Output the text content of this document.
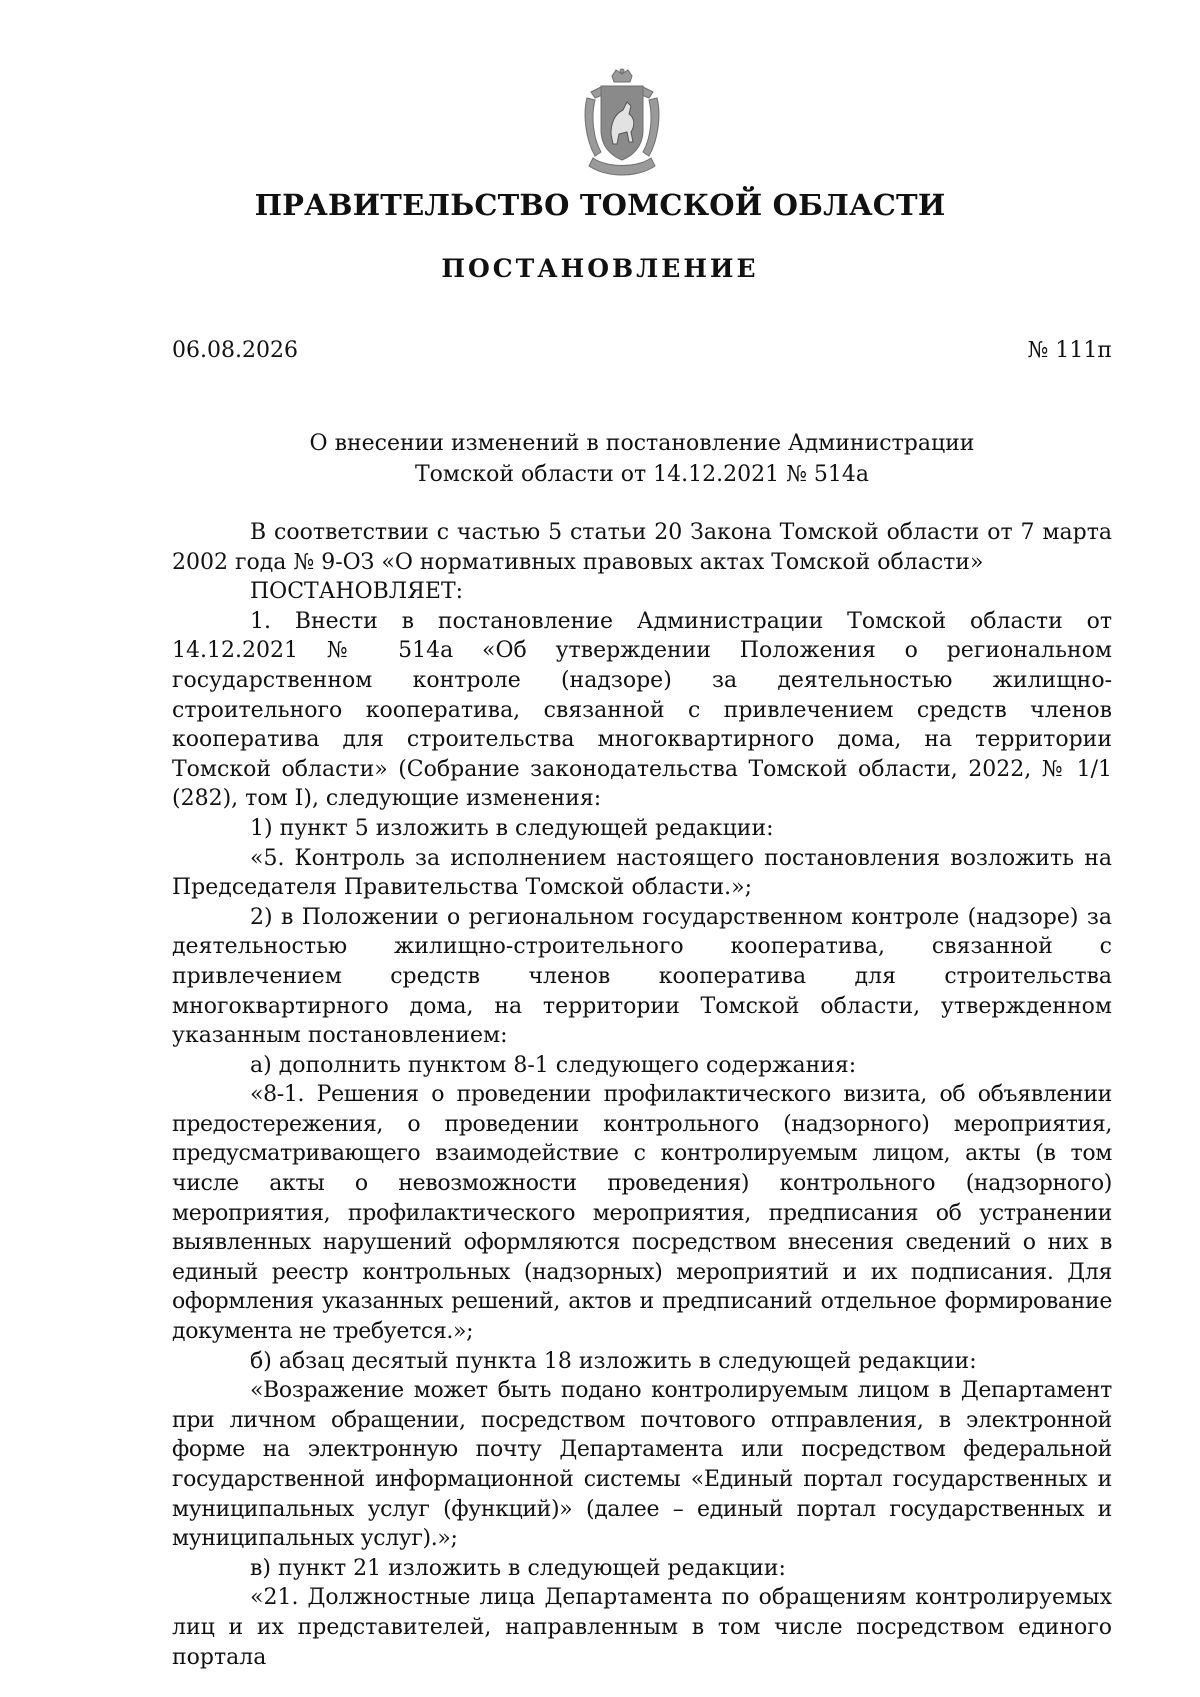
ПРАВИТЕЛЬСТВО ТОМСКОЙ ОБЛАСТИ
ПОСТАНОВЛЕНИЕ
06.08.2026	№ 111п
О внесении изменений в постановление Администрации
Томской области от 14.12.2021 № 514а

В соответствии с частью 5 статьи 20 Закона Томской области от 7 марта 2002 года № 9-ОЗ «О нормативных правовых актах Томской области»

ПОСТАНОВЛЯЕТ:

1. Внести в постановление Администрации Томской области от 14.12.2021 № 514а «Об утверждении Положения о региональном государственном контроле (надзоре) за деятельностью жилищно-строительного кооператива, связанной с привлечением средств членов кооператива для строительства многоквартирного дома, на территории Томской области» (Собрание законодательства Томской области, 2022, № 1/1 (282), том I), следующие изменения:

1) пункт 5 изложить в следующей редакции:

«5. Контроль за исполнением настоящего постановления возложить на Председателя Правительства Томской области.»;

2) в Положении о региональном государственном контроле (надзоре) за деятельностью жилищно-строительного кооператива, связанной с привлечением средств членов кооператива для строительства многоквартирного дома, на территории Томской области, утвержденном указанным постановлением:

а) дополнить пунктом 8-1 следующего содержания:

«8-1. Решения о проведении профилактического визита, об объявлении предостережения, о проведении контрольного (надзорного) мероприятия, предусматривающего взаимодействие с контролируемым лицом, акты (в том числе акты о невозможности проведения) контрольного (надзорного) мероприятия, профилактического мероприятия, предписания об устранении выявленных нарушений оформляются посредством внесения сведений о них в единый реестр контрольных (надзорных) мероприятий и их подписания. Для оформления указанных решений, актов и предписаний отдельное формирование документа не требуется.»;

б) абзац десятый пункта 18 изложить в следующей редакции:

«Возражение может быть подано контролируемым лицом в Департамент при личном обращении, посредством почтового отправления, в электронной форме на электронную почту Департамента или посредством федеральной государственной информационной системы «Единый портал государственных и муниципальных услуг (функций)» (далее – единый портал государственных и муниципальных услуг).»;

в) пункт 21 изложить в следующей редакции:

«21. Должностные лица Департамента по обращениям контролируемых лиц и их представителей, направленным в том числе посредством единого портала
